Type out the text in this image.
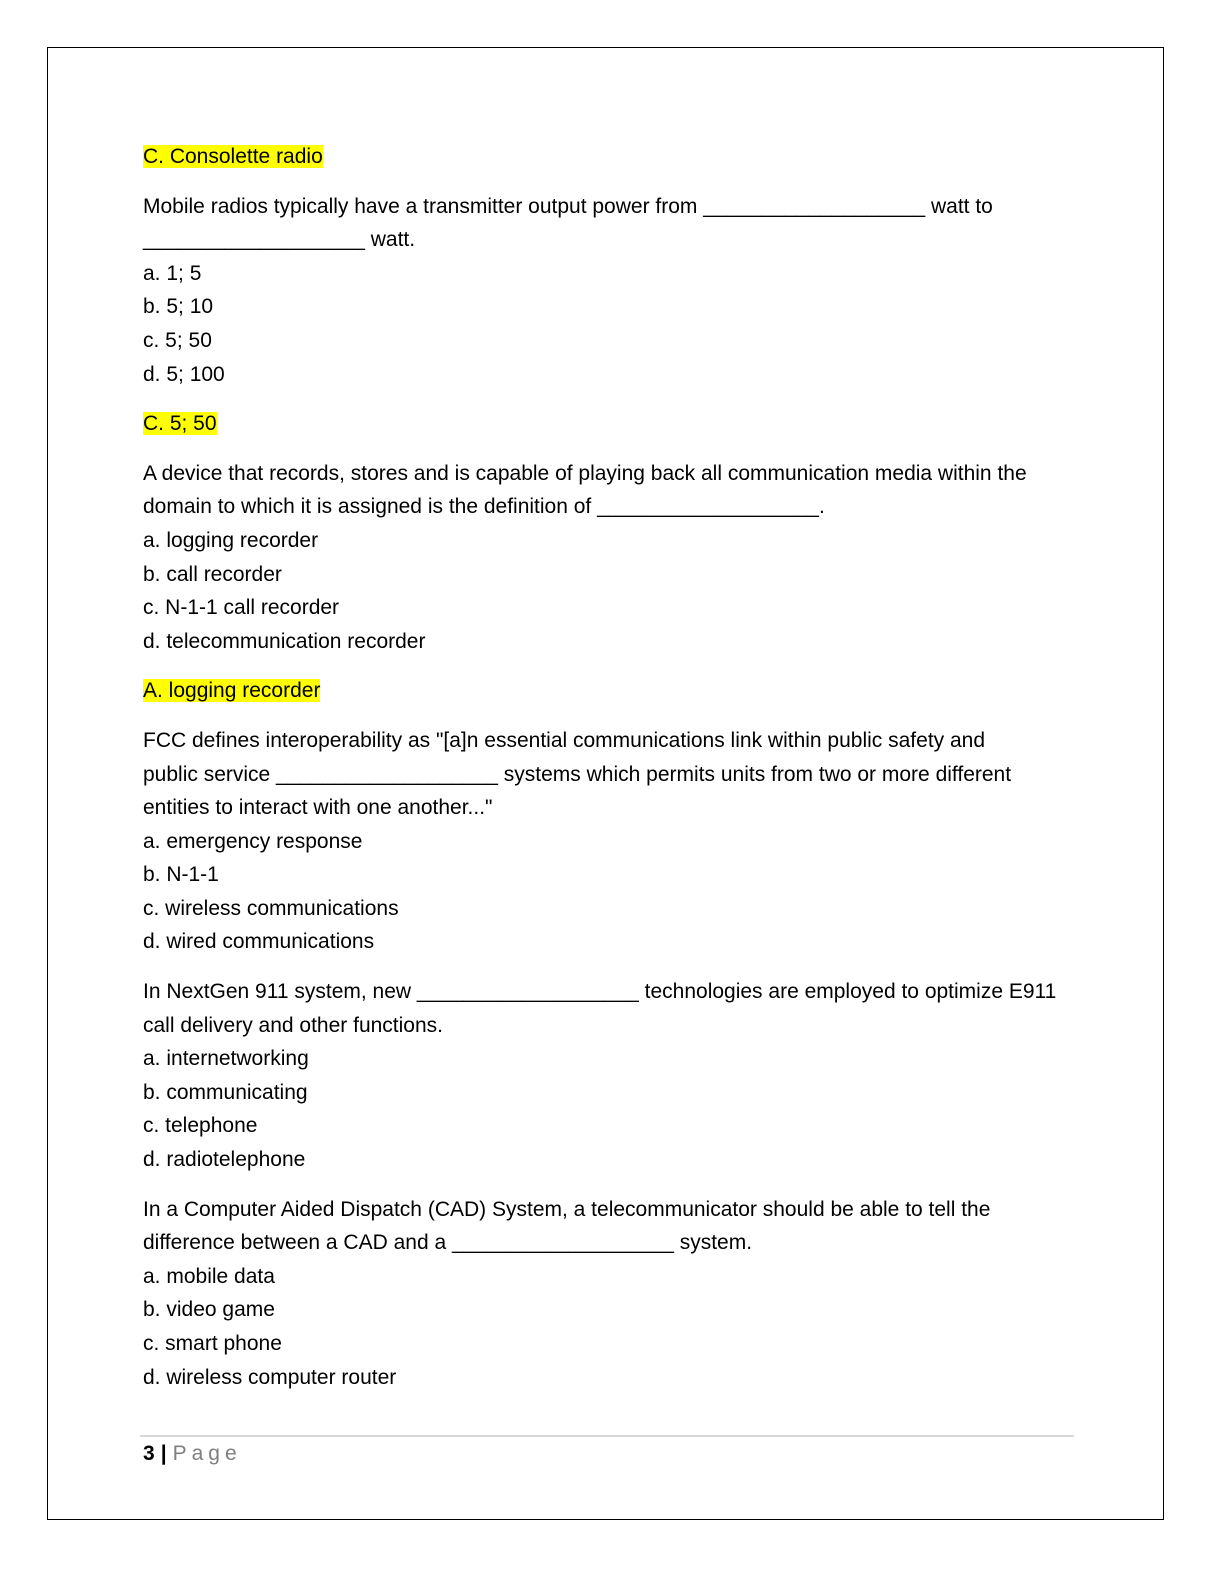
C. Consolette radio
Mobile radios typically have a transmitter output power from ___________________ watt to
___________________ watt.
a. 1; 5
b. 5; 10
c. 5; 50
d. 5; 100
C. 5; 50
A device that records, stores and is capable of playing back all communication media within the
domain to which it is assigned is the definition of ___________________.
a. logging recorder
b. call recorder
c. N-1-1 call recorder
d. telecommunication recorder
A. logging recorder
FCC defines interoperability as "[a]n essential communications link within public safety and
public service ___________________ systems which permits units from two or more different
entities to interact with one another..."
a. emergency response
b. N-1-1
c. wireless communications
d. wired communications
In NextGen 911 system, new ___________________ technologies are employed to optimize E911
call delivery and other functions.
a. internetworking
b. communicating
c. telephone
d. radiotelephone
In a Computer Aided Dispatch (CAD) System, a telecommunicator should be able to tell the
difference between a CAD and a ___________________ system.
a. mobile data
b. video game
c. smart phone
d. wireless computer router
3 | Page
